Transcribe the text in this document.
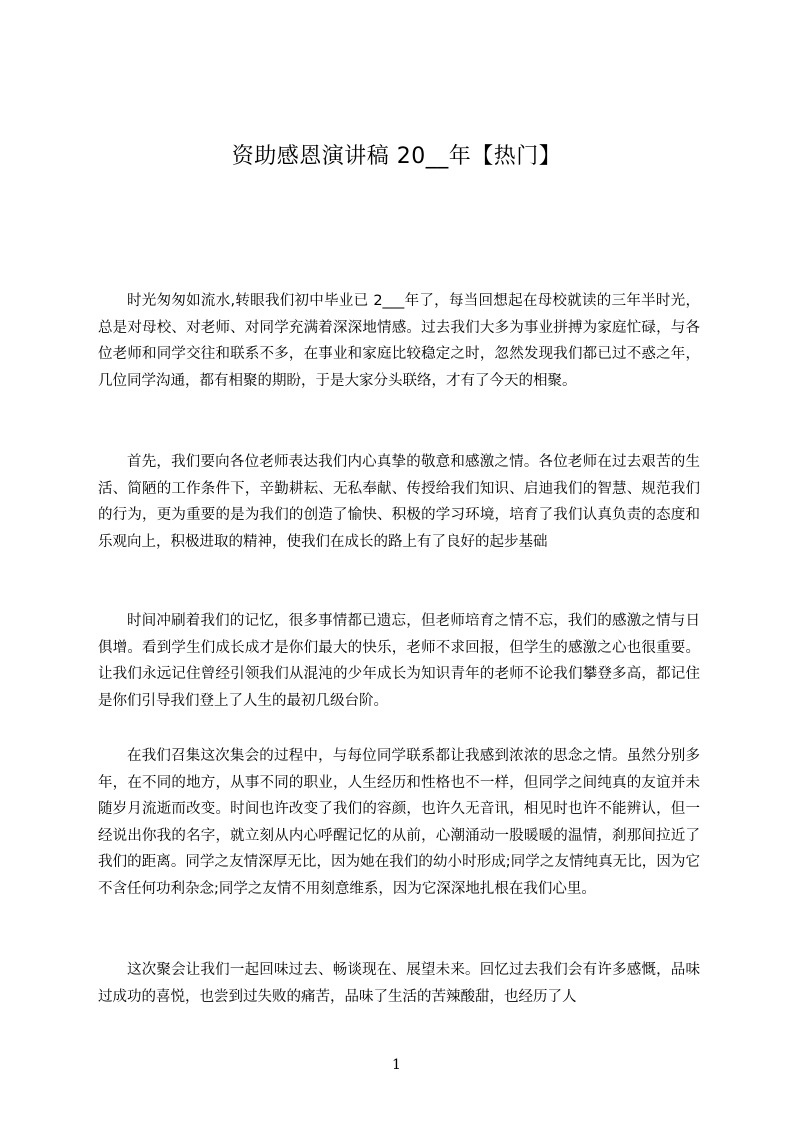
资助感恩演讲稿 20__年【热门】

时光匆匆如流水,转眼我们初中毕业已 2___年了，每当回想起在母校就读的三年半时光，总是对母校、对老师、对同学充满着深深地情感。过去我们大多为事业拼搏为家庭忙碌，与各位老师和同学交往和联系不多，在事业和家庭比较稳定之时，忽然发现我们都已过不惑之年，几位同学沟通，都有相聚的期盼，于是大家分头联络，才有了今天的相聚。

首先，我们要向各位老师表达我们内心真挚的敬意和感激之情。各位老师在过去艰苦的生活、简陋的工作条件下，辛勤耕耘、无私奉献、传授给我们知识、启迪我们的智慧、规范我们的行为，更为重要的是为我们的创造了愉快、积极的学习环境，培育了我们认真负责的态度和乐观向上，积极进取的精神，使我们在成长的路上有了良好的起步基础

时间冲刷着我们的记忆，很多事情都已遗忘，但老师培育之情不忘，我们的感激之情与日俱增。看到学生们成长成才是你们最大的快乐，老师不求回报，但学生的感激之心也很重要。让我们永远记住曾经引领我们从混沌的少年成长为知识青年的老师不论我们攀登多高，都记住是你们引导我们登上了人生的最初几级台阶。

在我们召集这次集会的过程中，与每位同学联系都让我感到浓浓的思念之情。虽然分别多年，在不同的地方，从事不同的职业，人生经历和性格也不一样，但同学之间纯真的友谊并未随岁月流逝而改变。时间也许改变了我们的容颜，也许久无音讯，相见时也许不能辨认，但一经说出你我的名字，就立刻从内心呼醒记忆的从前，心潮涌动一股暖暖的温情，刹那间拉近了我们的距离。同学之友情深厚无比，因为她在我们的幼小时形成;同学之友情纯真无比，因为它不含任何功利杂念;同学之友情不用刻意维系，因为它深深地扎根在我们心里。

这次聚会让我们一起回味过去、畅谈现在、展望未来。回忆过去我们会有许多感慨，品味过成功的喜悦，也尝到过失败的痛苦，品味了生活的苦辣酸甜，也经历了人

1
